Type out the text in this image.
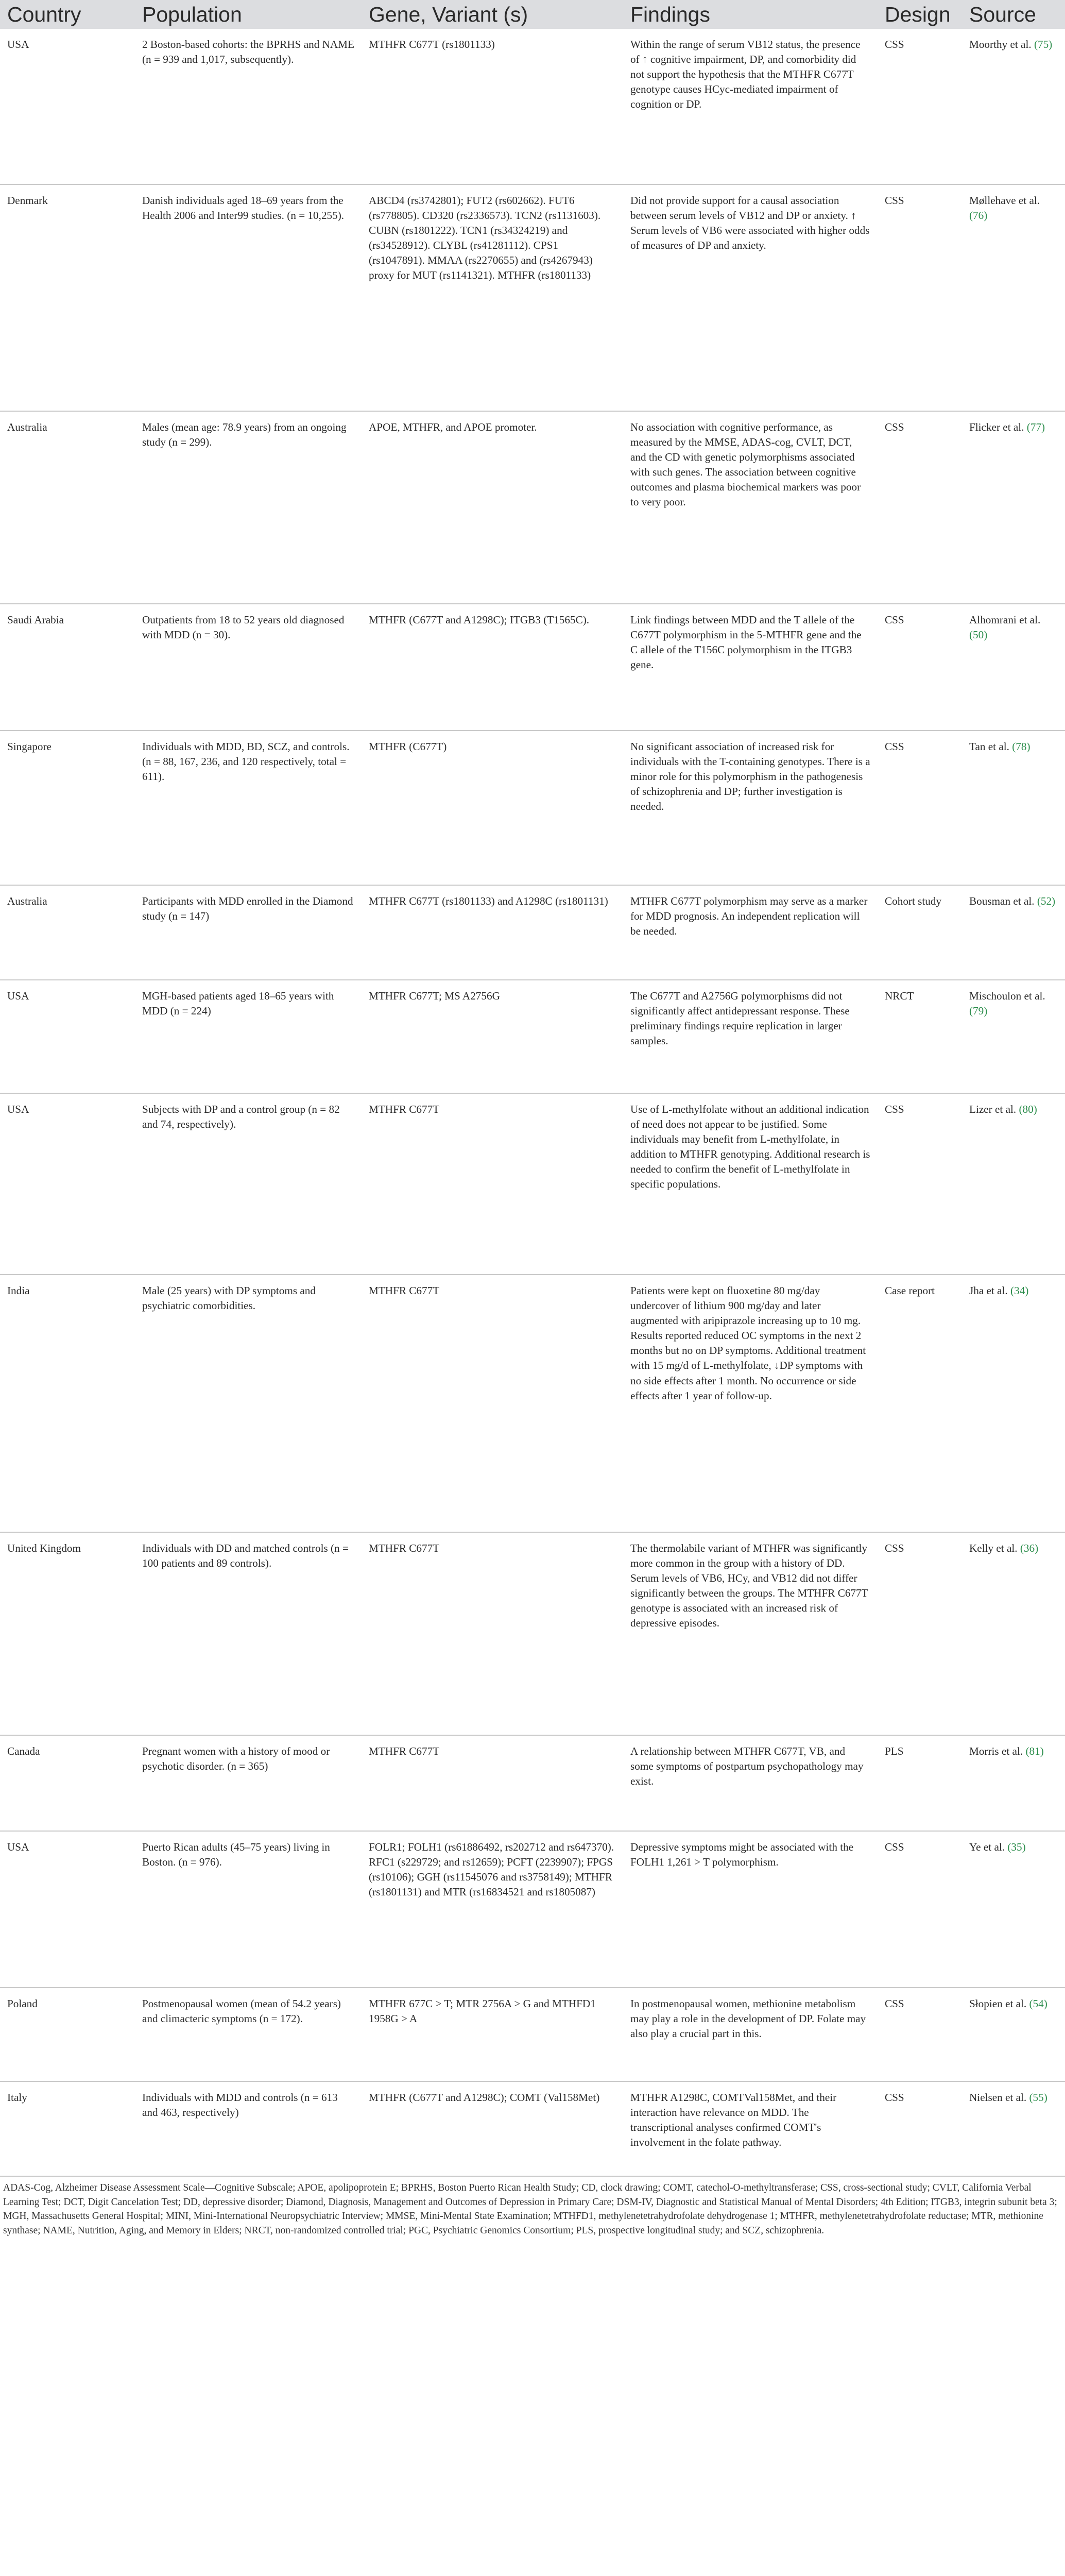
Country	Population	Gene, Variant (s)	Findings	Design	Source
USA	2 Boston-based cohorts: the BPRHS and NAME (n = 939 and 1,017, subsequently).	MTHFR C677T (rs1801133)	Within the range of serum VB12 status, the presence of ↑ cognitive impairment, DP, and comorbidity did not support the hypothesis that the MTHFR C677T genotype causes HCyc-mediated impairment of cognition or DP.	CSS	Moorthy et al. (75)
Denmark	Danish individuals aged 18–69 years from the Health 2006 and Inter99 studies. (n = 10,255).	ABCD4 (rs3742801); FUT2 (rs602662). FUT6 (rs778805). CD320 (rs2336573). TCN2 (rs1131603). CUBN (rs1801222). TCN1 (rs34324219) and (rs34528912). CLYBL (rs41281112). CPS1 (rs1047891). MMAA (rs2270655) and (rs4267943) proxy for MUT (rs1141321). MTHFR (rs1801133)	Did not provide support for a causal association between serum levels of VB12 and DP or anxiety. ↑ Serum levels of VB6 were associated with higher odds of measures of DP and anxiety.	CSS	Møllehave et al. (76)
Australia	Males (mean age: 78.9 years) from an ongoing study (n = 299).	APOE, MTHFR, and APOE promoter.	No association with cognitive performance, as measured by the MMSE, ADAS-cog, CVLT, DCT, and the CD with genetic polymorphisms associated with such genes. The association between cognitive outcomes and plasma biochemical markers was poor to very poor.	CSS	Flicker et al. (77)
Saudi Arabia	Outpatients from 18 to 52 years old diagnosed with MDD (n = 30).	MTHFR (C677T and A1298C); ITGB3 (T1565C).	Link findings between MDD and the T allele of the C677T polymorphism in the 5-MTHFR gene and the C allele of the T156C polymorphism in the ITGB3 gene.	CSS	Alhomrani et al. (50)
Singapore	Individuals with MDD, BD, SCZ, and controls. (n = 88, 167, 236, and 120 respectively, total = 611).	MTHFR (C677T)	No significant association of increased risk for individuals with the T-containing genotypes. There is a minor role for this polymorphism in the pathogenesis of schizophrenia and DP; further investigation is needed.	CSS	Tan et al. (78)
Australia	Participants with MDD enrolled in the Diamond study (n = 147)	MTHFR C677T (rs1801133) and A1298C (rs1801131)	MTHFR C677T polymorphism may serve as a marker for MDD prognosis. An independent replication will be needed.	Cohort study	Bousman et al. (52)
USA	MGH-based patients aged 18–65 years with MDD (n = 224)	MTHFR C677T; MS A2756G	The C677T and A2756G polymorphisms did not significantly affect antidepressant response. These preliminary findings require replication in larger samples.	NRCT	Mischoulon et al. (79)
USA	Subjects with DP and a control group (n = 82 and 74, respectively).	MTHFR C677T	Use of L-methylfolate without an additional indication of need does not appear to be justified. Some individuals may benefit from L-methylfolate, in addition to MTHFR genotyping. Additional research is needed to confirm the benefit of L-methylfolate in specific populations.	CSS	Lizer et al. (80)
India	Male (25 years) with DP symptoms and psychiatric comorbidities.	MTHFR C677T	Patients were kept on fluoxetine 80 mg/day undercover of lithium 900 mg/day and later augmented with aripiprazole increasing up to 10 mg. Results reported reduced OC symptoms in the next 2 months but no on DP symptoms. Additional treatment with 15 mg/d of L-methylfolate, ↓DP symptoms with no side effects after 1 month. No occurrence or side effects after 1 year of follow-up.	Case report	Jha et al. (34)
United Kingdom	Individuals with DD and matched controls (n = 100 patients and 89 controls).	MTHFR C677T	The thermolabile variant of MTHFR was significantly more common in the group with a history of DD. Serum levels of VB6, HCy, and VB12 did not differ significantly between the groups. The MTHFR C677T genotype is associated with an increased risk of depressive episodes.	CSS	Kelly et al. (36)
Canada	Pregnant women with a history of mood or psychotic disorder. (n = 365)	MTHFR C677T	A relationship between MTHFR C677T, VB, and some symptoms of postpartum psychopathology may exist.	PLS	Morris et al. (81)
USA	Puerto Rican adults (45–75 years) living in Boston. (n = 976).	FOLR1; FOLH1 (rs61886492, rs202712 and rs647370). RFC1 (s229729; and rs12659); PCFT (2239907); FPGS (rs10106); GGH (rs11545076 and rs3758149); MTHFR (rs1801131) and MTR (rs16834521 and rs1805087)	Depressive symptoms might be associated with the FOLH1 1,261 > T polymorphism.	CSS	Ye et al. (35)
Poland	Postmenopausal women (mean of 54.2 years) and climacteric symptoms (n = 172).	MTHFR 677C > T; MTR 2756A > G and MTHFD1 1958G > A	In postmenopausal women, methionine metabolism may play a role in the development of DP. Folate may also play a crucial part in this.	CSS	Słopien et al. (54)
Italy	Individuals with MDD and controls (n = 613 and 463, respectively)	MTHFR (C677T and A1298C); COMT (Val158Met)	MTHFR A1298C, COMTVal158Met, and their interaction have relevance on MDD. The transcriptional analyses confirmed COMT's involvement in the folate pathway.	CSS	Nielsen et al. (55)
ADAS-Cog, Alzheimer Disease Assessment Scale—Cognitive Subscale; APOE, apolipoprotein E; BPRHS, Boston Puerto Rican Health Study; CD, clock drawing; COMT, catechol-O-methyltransferase; CSS, cross-sectional study; CVLT, California Verbal Learning Test; DCT, Digit Cancelation Test; DD, depressive disorder; Diamond, Diagnosis, Management and Outcomes of Depression in Primary Care; DSM-IV, Diagnostic and Statistical Manual of Mental Disorders; 4th Edition; ITGB3, integrin subunit beta 3; MGH, Massachusetts General Hospital; MINI, Mini-International Neuropsychiatric Interview; MMSE, Mini-Mental State Examination; MTHFD1, methylenetetrahydrofolate dehydrogenase 1; MTHFR, methylenetetrahydrofolate reductase; MTR, methionine synthase; NAME, Nutrition, Aging, and Memory in Elders; NRCT, non-randomized controlled trial; PGC, Psychiatric Genomics Consortium; PLS, prospective longitudinal study; and SCZ, schizophrenia.
